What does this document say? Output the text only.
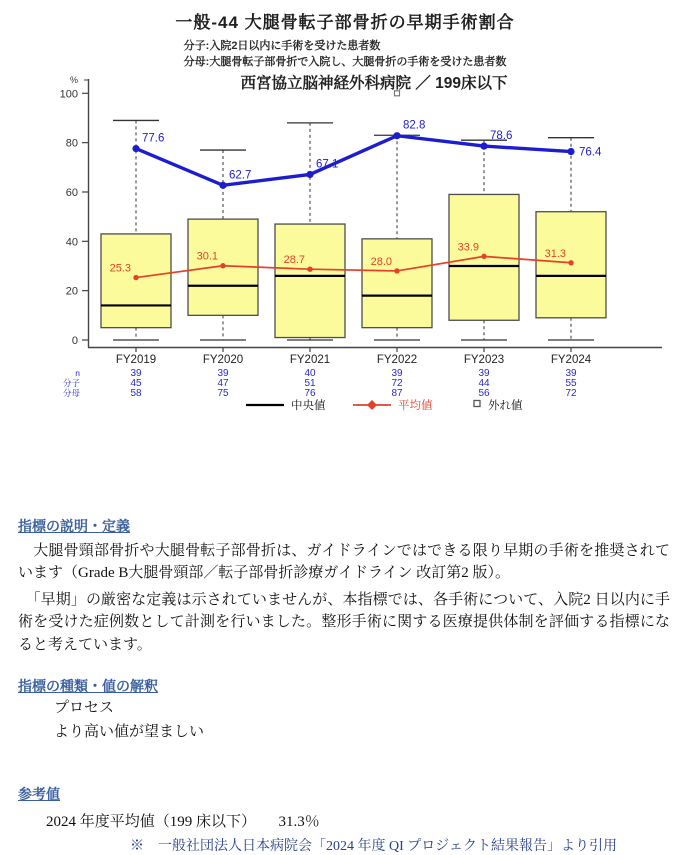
一般-44 大腿骨転子部骨折の早期手術割合
分子:入院2日以内に手術を受けた患者数
分母:大腿骨転子部骨折で入院し、大腿骨折の手術を受けた患者数
西宮協立脳神経外科病院 ／ 199床以下
%
0
20
40
60
80
100
25.3
30.1	28.7	28.0
33.9
31.3
77.6
62.7
67.1
82.8
78.6
76.4
FY2019	FY2020	FY2021	FY2022	FY2023	FY2024
n	39	39	40	39	39	39
分子	45	47	51	72	44	55
分母	58	75	76	87	56	72
中央値	平均値	外れ値
指標の説明・定義

　大腿骨頸部骨折や大腿骨転子部骨折は、ガイドラインではできる限り早期の手術を推奨されています（Grade B大腿骨頸部／転子部骨折診療ガイドライン 改訂第2 版）。

　「早期」の厳密な定義は示されていませんが、本指標では、各手術について、入院2 日以内に手術を受けた症例数として計測を行いました。整形手術に関する医療提供体制を評価する指標になると考えています。

指標の種類・値の解釈

プロセス

より高い値が望ましい

参考値

2024 年度平均値（199 床以下）　　31.3％

※　一般社団法人日本病院会「2024 年度 QI プロジェクト結果報告」より引用
